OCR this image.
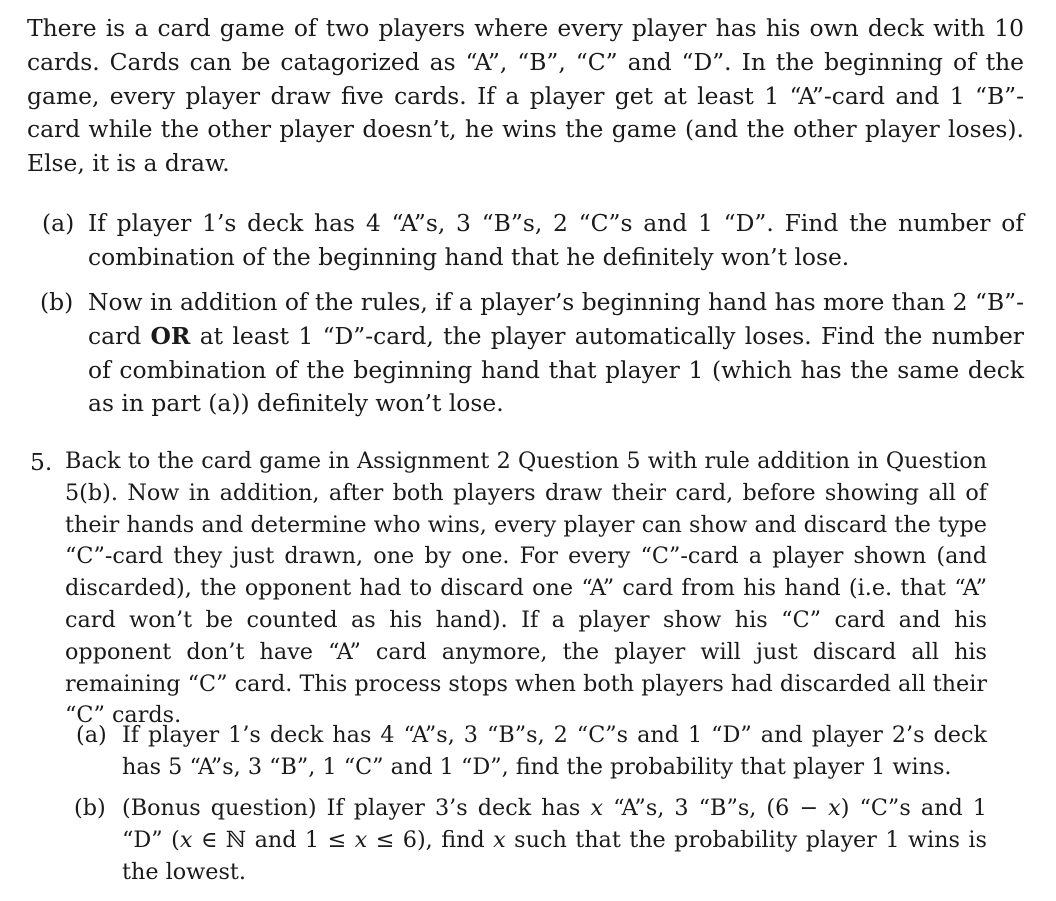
There is a card game of two players where every player has his own deck with 10 cards. Cards can be catagorized as “A”, “B”, “C” and “D”. In the beginning of the game, every player draw five cards. If a player get at least 1 “A”-card and 1 “B”-card while the other player doesn’t, he wins the game (and the other player loses). Else, it is a draw.

(a) If player 1’s deck has 4 “A”s, 3 “B”s, 2 “C”s and 1 “D”. Find the number of combination of the beginning hand that he definitely won’t lose.

(b) Now in addition of the rules, if a player’s beginning hand has more than 2 “B”-card OR at least 1 “D”-card, the player automatically loses. Find the number of combination of the beginning hand that player 1 (which has the same deck as in part (a)) definitely won’t lose.

5. Back to the card game in Assignment 2 Question 5 with rule addition in Question 5(b). Now in addition, after both players draw their card, before showing all of their hands and determine who wins, every player can show and discard the type “C”-card they just drawn, one by one. For every “C”-card a player shown (and discarded), the opponent had to discard one “A” card from his hand (i.e. that “A” card won’t be counted as his hand). If a player show his “C” card and his opponent don’t have “A” card anymore, the player will just discard all his remaining “C” card. This process stops when both players had discarded all their “C” cards.

(a) If player 1’s deck has 4 “A”s, 3 “B”s, 2 “C”s and 1 “D” and player 2’s deck has 5 “A”s, 3 “B”, 1 “C” and 1 “D”, find the probability that player 1 wins.

(b) (Bonus question) If player 3’s deck has x “A”s, 3 “B”s, (6 − x) “C”s and 1 “D” (x ∈ ℕ and 1 ≤ x ≤ 6), find x such that the probability player 1 wins is the lowest.
